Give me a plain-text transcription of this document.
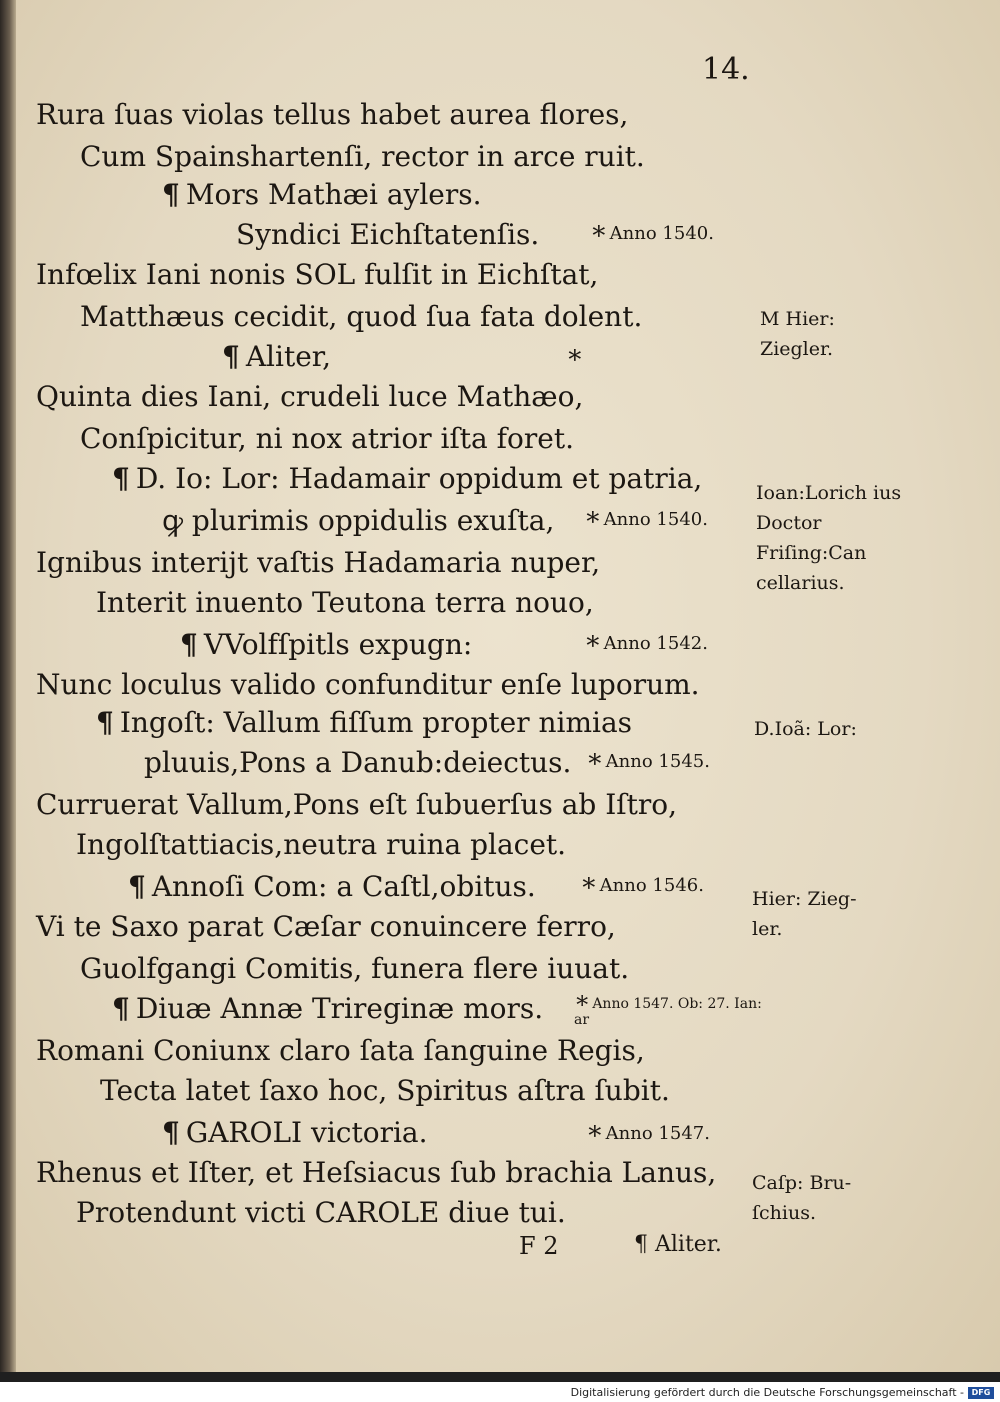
14.
Rura ſuas violas tellus habet aurea flores,
Cum Spainshartenſi, rector in arce ruit.
¶ Mors Mathæi aylers.
Syndici Eichſtatenſis.
Infœlix Iani nonis SOL fulſit in Eichſtat,
Matthæus cecidit, quod ſua fata dolent.
¶ Aliter,
Quinta dies Iani, crudeli luce Mathæo,
Conſpicitur, ni nox atrior iſta foret.
¶ D. Io: Lor: Hadamair oppidum et patria,
ꝙ plurimis oppidulis exuſta,
Ignibus interijt vaſtis Hadamaria nuper,
Interit inuento Teutona terra nouo,
¶ VVolfſpitls expugn:
Nunc loculus valido confunditur enſe luporum.
¶ Ingoſt: Vallum fiſſum propter nimias
pluuis,Pons a Danub:deiectus.
Curruerat Vallum,Pons eſt ſubuerſus ab Iſtro,
Ingolſtattiacis,neutra ruina placet.
¶ Annoſi Com: a Caſtl,obitus.
Vi te Saxo parat Cæſar conuincere ferro,
Guolfgangi Comitis, funera flere iuuat.
¶ Diuæ Annæ Trireginæ mors.
Romani Coniunx claro ſata ſanguine Regis,
Tecta latet ſaxo hoc, Spiritus aſtra ſubit.
¶ GAROLI victoria.
Rhenus et Iſter, et Heſsiacus ſub brachia Lanus,
Protendunt victi CAROLE diue tui.
∗ Anno 1540.
∗
∗ Anno 1540.
∗ Anno 1542.
∗ Anno 1545.
∗ Anno 1546.
∗ Anno 1547. Ob: 27. Ian: ar
∗ Anno 1547.
M Hier: Ziegler.
Ioan:Lorich ius Doctor Friſing:Can cellarius.
D.Ioã: Lor:
Hier: Zieg- ler.
Caſp: Bru- ſchius.
F 2	¶ Aliter.
Digitalisierung gefördert durch die Deutsche Forschungsgemeinschaft - DFG
